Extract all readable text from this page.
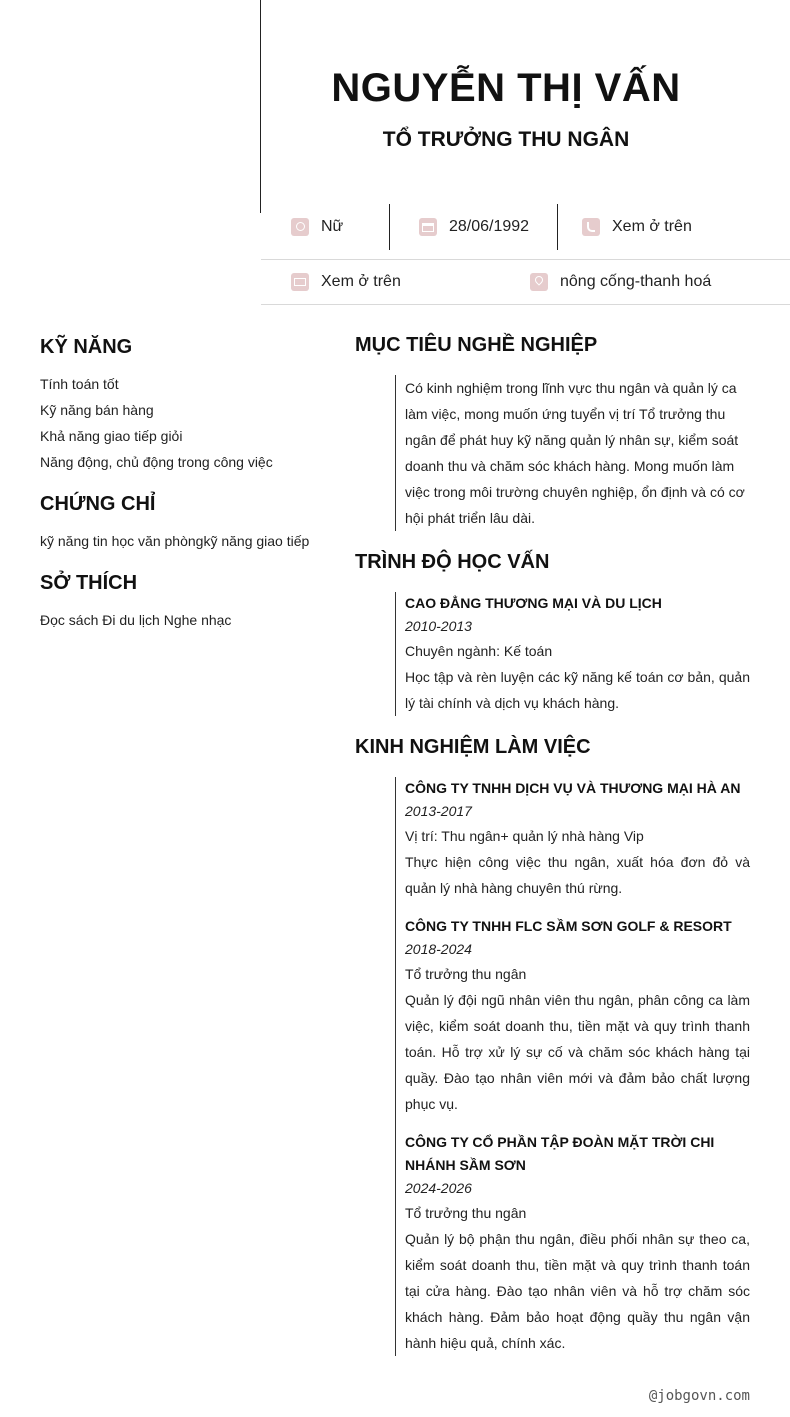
NGUYỄN THỊ VẤN
TỔ TRƯỞNG THU NGÂN
Nữ	28/06/1992	Xem ở trên
Xem ở trên	nông cống-thanh hoá
KỸ NĂNG
Tính toán tốt
Kỹ năng bán hàng
Khả năng giao tiếp giỏi
Năng động, chủ động trong công việc
CHỨNG CHỈ
kỹ năng tin học văn phòngkỹ năng giao tiếp
SỞ THÍCH
Đọc sách Đi du lịch Nghe nhạc
MỤC TIÊU NGHỀ NGHIỆP
Có kinh nghiệm trong lĩnh vực thu ngân và quản lý ca làm việc, mong muốn ứng tuyển vị trí Tổ trưởng thu ngân để phát huy kỹ năng quản lý nhân sự, kiểm soát doanh thu và chăm sóc khách hàng. Mong muốn làm việc trong môi trường chuyên nghiệp, ổn định và có cơ hội phát triển lâu dài.
TRÌNH ĐỘ HỌC VẤN
CAO ĐẲNG THƯƠNG MẠI VÀ DU LỊCH
2010-2013
Chuyên ngành: Kế toán
Học tập và rèn luyện các kỹ năng kế toán cơ bản, quản lý tài chính và dịch vụ khách hàng.
KINH NGHIỆM LÀM VIỆC
CÔNG TY TNHH DỊCH VỤ VÀ THƯƠNG MẠI HÀ AN
2013-2017
Vị trí: Thu ngân+ quản lý nhà hàng Vip
Thực hiện công việc thu ngân, xuất hóa đơn đỏ và quản lý nhà hàng chuyên thú rừng.
CÔNG TY TNHH FLC SẦM SƠN GOLF & RESORT
2018-2024
Tổ trưởng thu ngân
Quản lý đội ngũ nhân viên thu ngân, phân công ca làm việc, kiểm soát doanh thu, tiền mặt và quy trình thanh toán. Hỗ trợ xử lý sự cố và chăm sóc khách hàng tại quầy. Đào tạo nhân viên mới và đảm bảo chất lượng phục vụ.
CÔNG TY CỔ PHẦN TẬP ĐOÀN MẶT TRỜI CHI NHÁNH SẦM SƠN
2024-2026
Tổ trưởng thu ngân
Quản lý bộ phận thu ngân, điều phối nhân sự theo ca, kiểm soát doanh thu, tiền mặt và quy trình thanh toán tại cửa hàng. Đào tạo nhân viên và hỗ trợ chăm sóc khách hàng. Đảm bảo hoạt động quầy thu ngân vận hành hiệu quả, chính xác.
@jobgovn.com
